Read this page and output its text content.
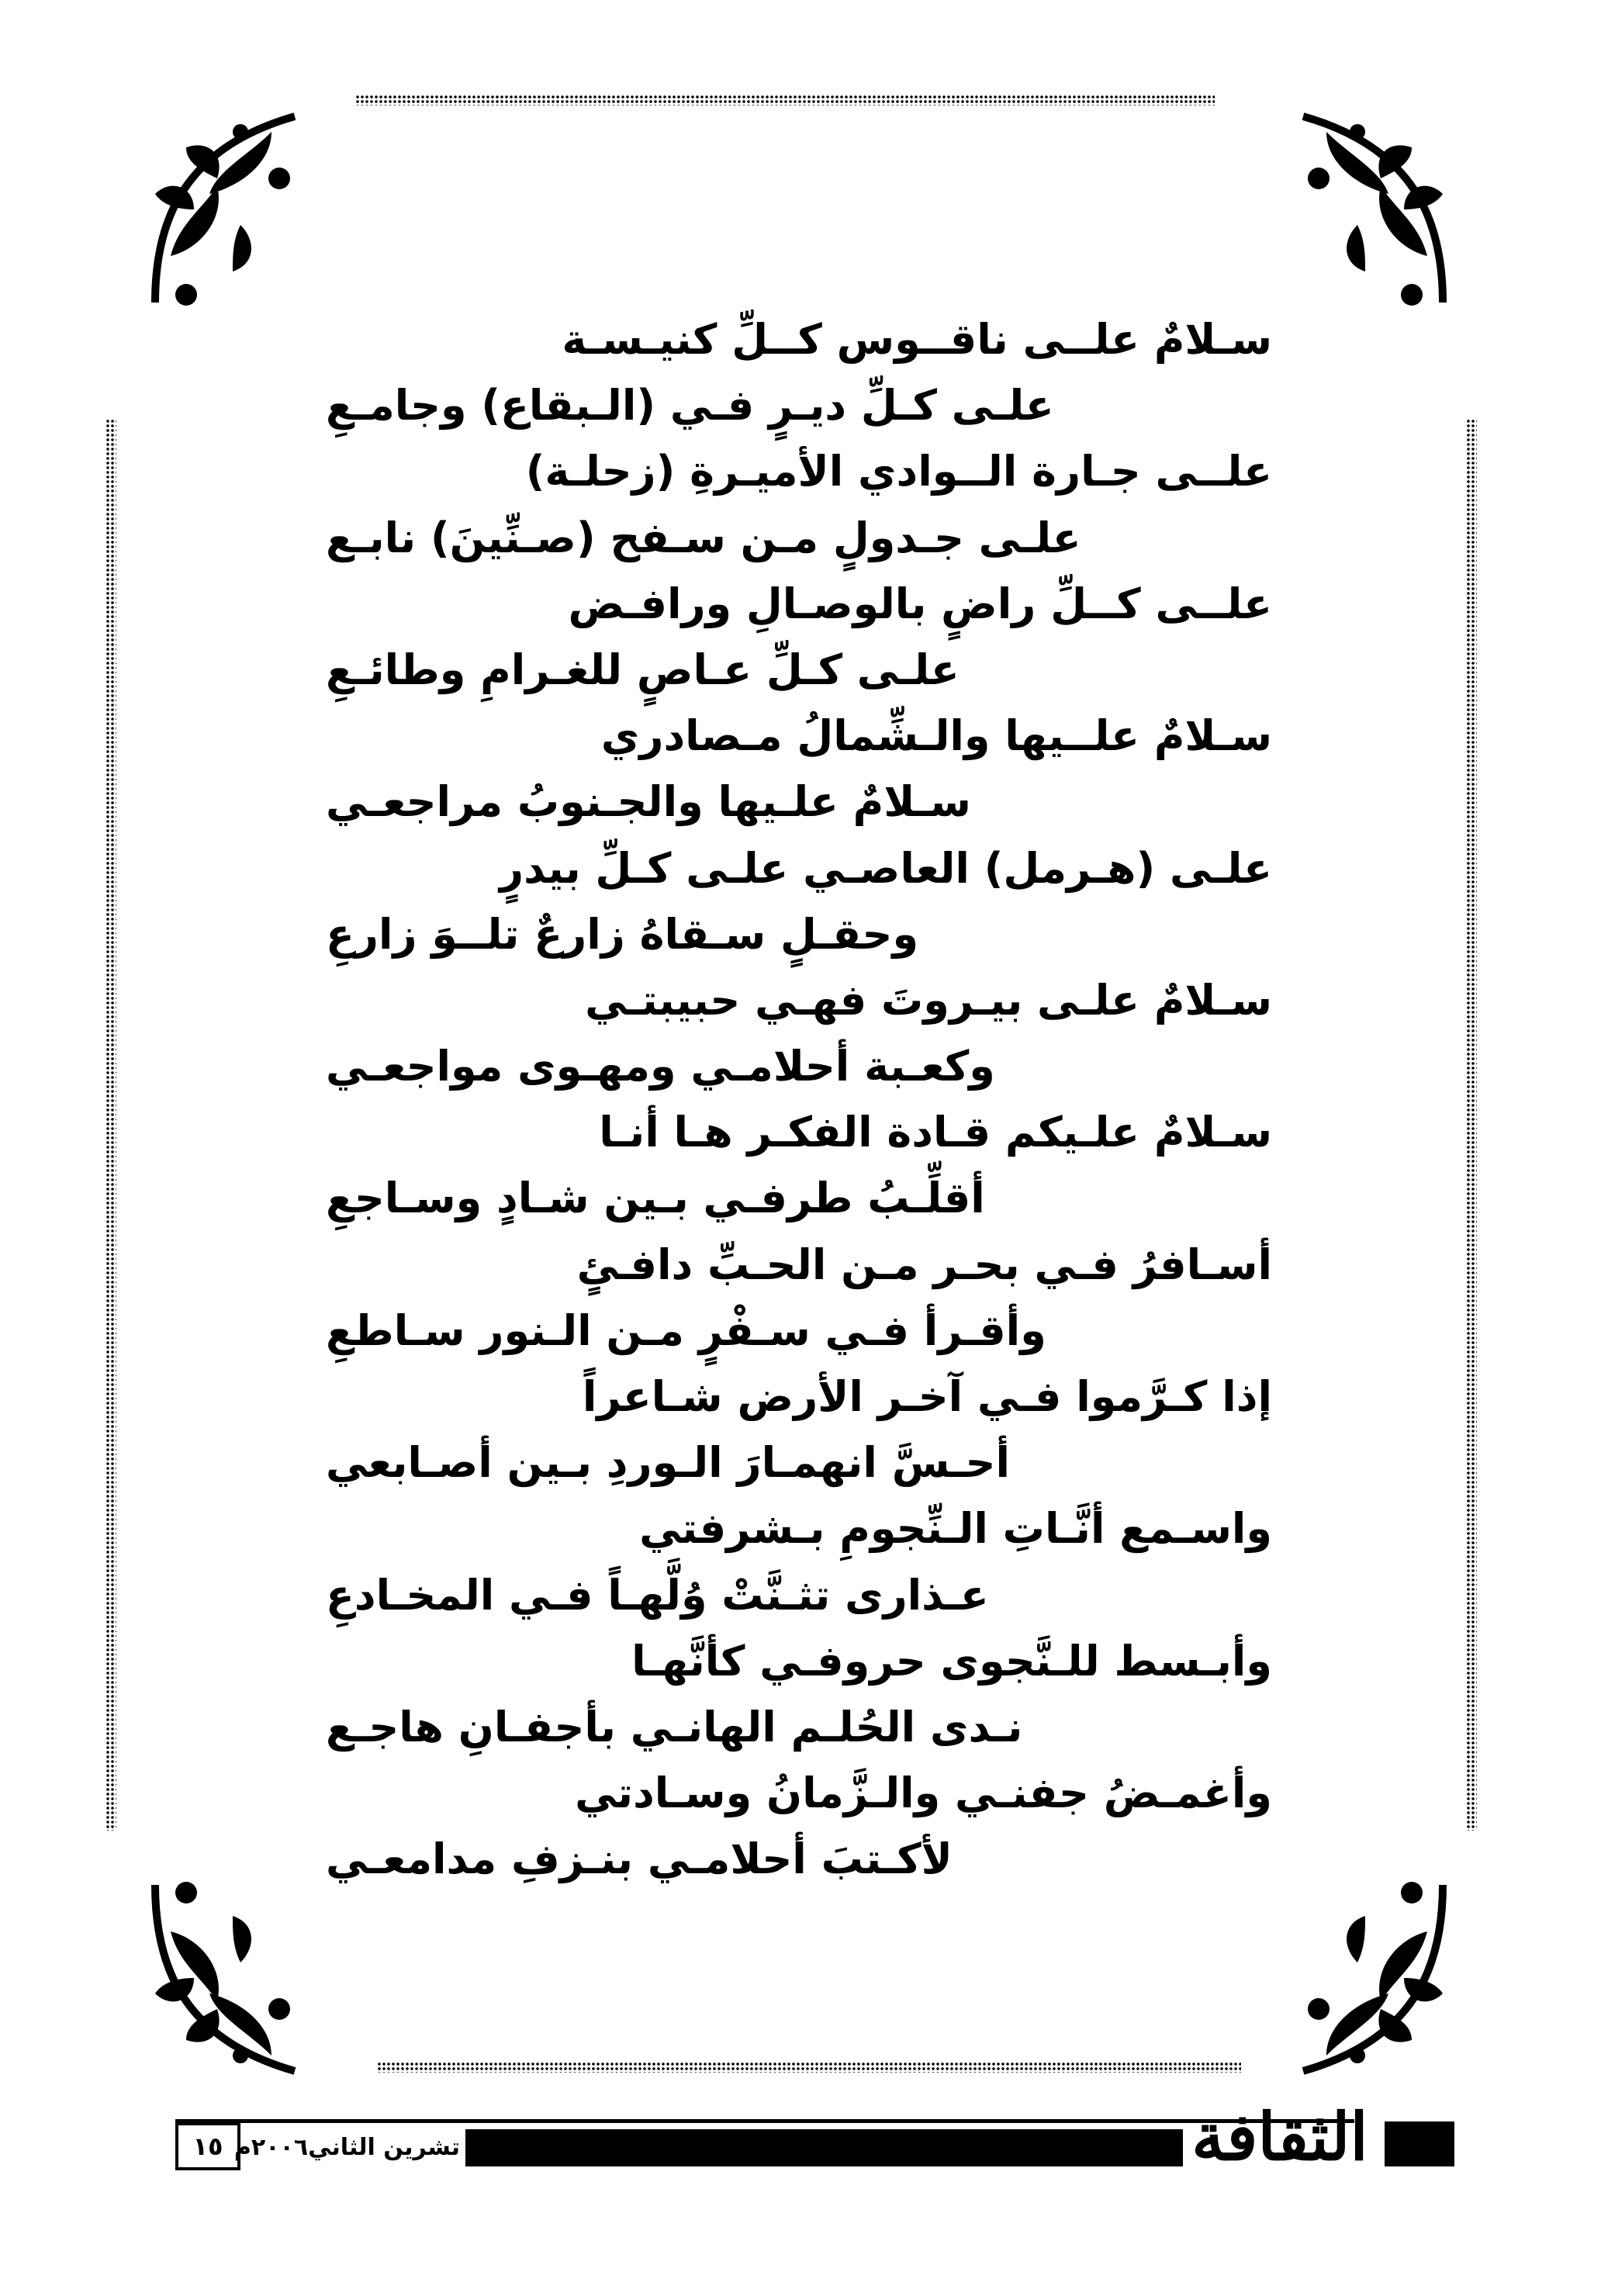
سـلامٌ علــى ناقــوس كــلِّ كنيـسـة
علـى كـلِّ ديـرٍ فـي (الـبقاع) وجامـعِ
علــى جـارة الــوادي الأميـرةِ (زحلـة)
علـى جـدولٍ مـن سـفح (صـنِّينَ) نابـع
علــى كــلِّ راضٍ بالوصـالِ ورافـض
علـى كـلِّ عـاصٍ للغـرامِ وطائـعِ
سـلامٌ علــيها والـشِّمالُ مـصادري
سـلامٌ علـيها والجـنوبُ مراجعـي
علـى (هـرمل) العاصـي علـى كـلِّ بيدرٍ
وحقـلٍ سـقاهُ زارعٌ تلــوَ زارعِ
سـلامٌ علـى بيـروتَ فهـي حبيبتـي
وكعـبة أحلامـي ومهـوى مواجعـي
سـلامٌ علـيكم قـادة الفكـر هـا أنـا
أقلِّـبُ طرفـي بـين شـادٍ وسـاجعِ
أسـافرُ فـي بحـر مـن الحـبِّ دافـئٍ
وأقـرأ فـي سـفْرٍ مـن الـنور سـاطعِ
إذا كـرَّموا فـي آخـر الأرض شـاعراً
أحـسَّ انهمـارَ الـوردِ بـين أصـابعي
واسـمع أنَّـاتِ الـنِّجومِ بـشرفتي
عـذارى تثـنَّتْ وُلَّهـاً فـي المخـادعِ
وأبـسط للـنَّجوى حروفـي كأنَّهـا
نـدى الحُلـم الهانـي بأجفـانِ هاجـع
وأغمـضُ جفنـي والـزَّمانُ وسـادتي
لأكـتبَ أحلامـي بنـزفِ مدامعـي
١٥ تشرين الثاني٢٠٠٦م	الثقافة
